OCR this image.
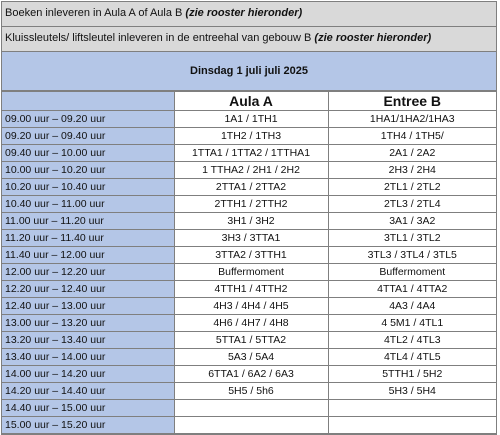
Boeken inleveren in Aula A of Aula B (zie rooster hieronder)
Kluissleutels/ liftsleutel inleveren in de entreehal van gebouw B (zie rooster hieronder)
Dinsdag 1 juli juli 2025
	Aula A	Entree B
09.00 uur – 09.20 uur	1A1 / 1TH1	1HA1/1HA2/1HA3
09.20 uur – 09.40 uur	1TH2 / 1TH3	1TH4 / 1TH5/
09.40 uur – 10.00 uur	1TTA1 / 1TTA2 / 1TTHA1	2A1 / 2A2
10.00 uur – 10.20 uur	1 TTHA2 / 2H1 / 2H2	2H3 / 2H4
10.20 uur – 10.40 uur	2TTA1 / 2TTA2	2TL1 / 2TL2
10.40 uur – 11.00 uur	2TTH1 / 2TTH2	2TL3 / 2TL4
11.00 uur – 11.20 uur	3H1 / 3H2	3A1 / 3A2
11.20 uur – 11.40 uur	3H3 / 3TTA1	3TL1 / 3TL2
11.40 uur – 12.00 uur	3TTA2 / 3TTH1	3TL3 / 3TL4 / 3TL5
12.00 uur – 12.20 uur	Buffermoment	Buffermoment
12.20 uur – 12.40 uur	4TTH1 / 4TTH2	4TTA1 / 4TTA2
12.40 uur – 13.00 uur	4H3 / 4H4 / 4H5	4A3 / 4A4
13.00 uur – 13.20 uur	4H6 / 4H7 / 4H8	4 5M1 / 4TL1
13.20 uur – 13.40 uur	5TTA1 / 5TTA2	4TL2 / 4TL3
13.40 uur – 14.00 uur	5A3 / 5A4	4TL4 / 4TL5
14.00 uur – 14.20 uur	6TTA1 / 6A2 / 6A3	5TTH1 / 5H2
14.20 uur – 14.40 uur	5H5 / 5h6	5H3 / 5H4
14.40 uur – 15.00 uur		
15.00 uur – 15.20 uur		
